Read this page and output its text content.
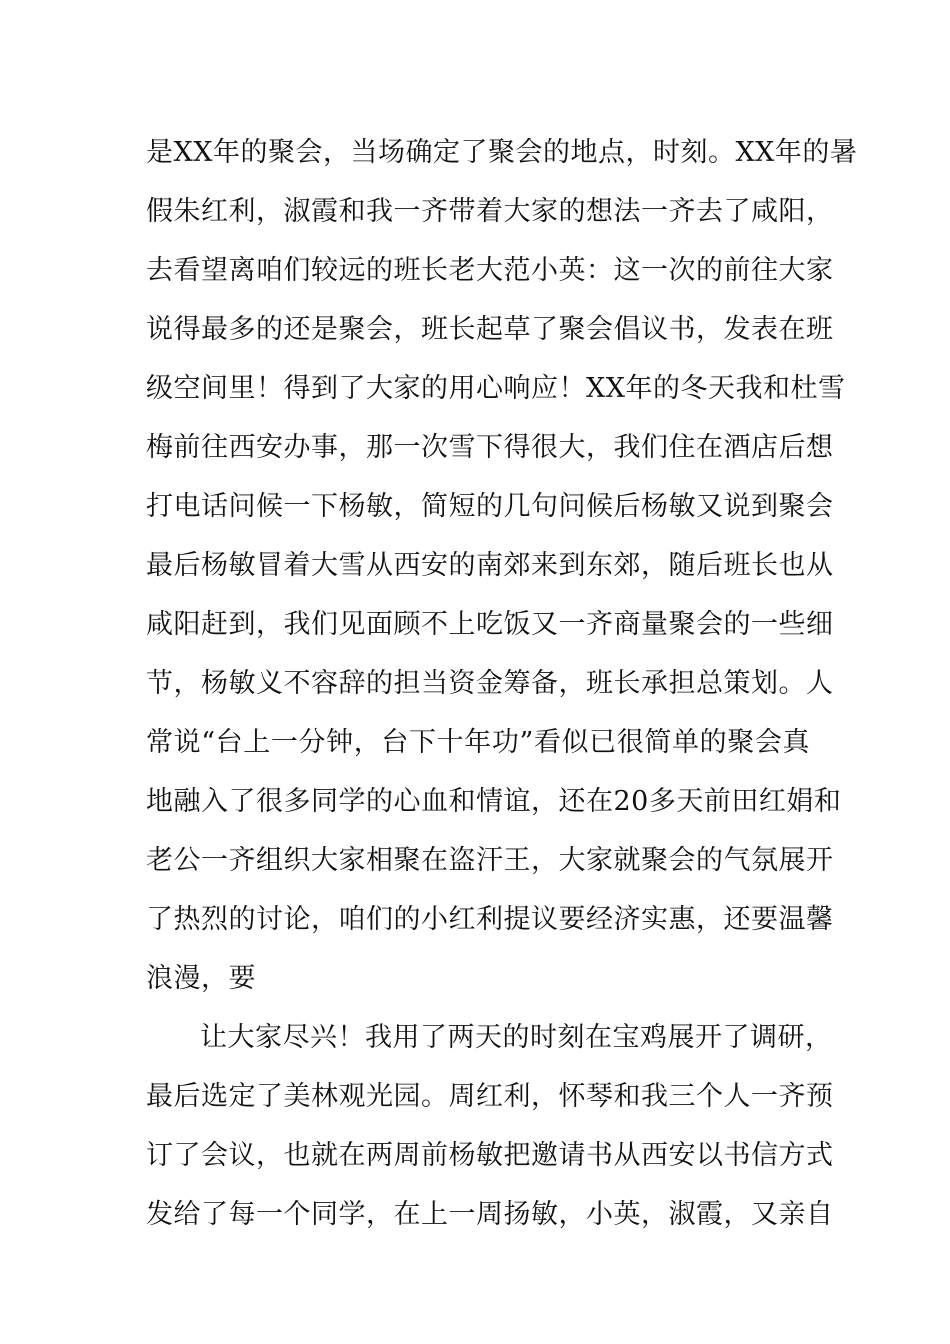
是XX年的聚会，当场确定了聚会的地点，时刻。XX年的暑
假朱红利，淑霞和我一齐带着大家的想法一齐去了咸阳，
去看望离咱们较远的班长老大范小英：这一次的前往大家
说得最多的还是聚会，班长起草了聚会倡议书，发表在班
级空间里！得到了大家的用心响应！XX年的冬天我和杜雪
梅前往西安办事，那一次雪下得很大，我们住在酒店后想
打电话问候一下杨敏，简短的几句问候后杨敏又说到聚会
最后杨敏冒着大雪从西安的南郊来到东郊，随后班长也从
咸阳赶到，我们见面顾不上吃饭又一齐商量聚会的一些细
节，杨敏义不容辞的担当资金筹备，班长承担总策划。人
常说“台上一分钟，台下十年功”看似已很简单的聚会真
地融入了很多同学的心血和情谊，还在20多天前田红娟和
老公一齐组织大家相聚在盗汗王，大家就聚会的气氛展开
了热烈的讨论，咱们的小红利提议要经济实惠，还要温馨
浪漫，要
让大家尽兴！我用了两天的时刻在宝鸡展开了调研，
最后选定了美林观光园。周红利，怀琴和我三个人一齐预
订了会议，也就在两周前杨敏把邀请书从西安以书信方式
发给了每一个同学，在上一周扬敏，小英，淑霞，又亲自
